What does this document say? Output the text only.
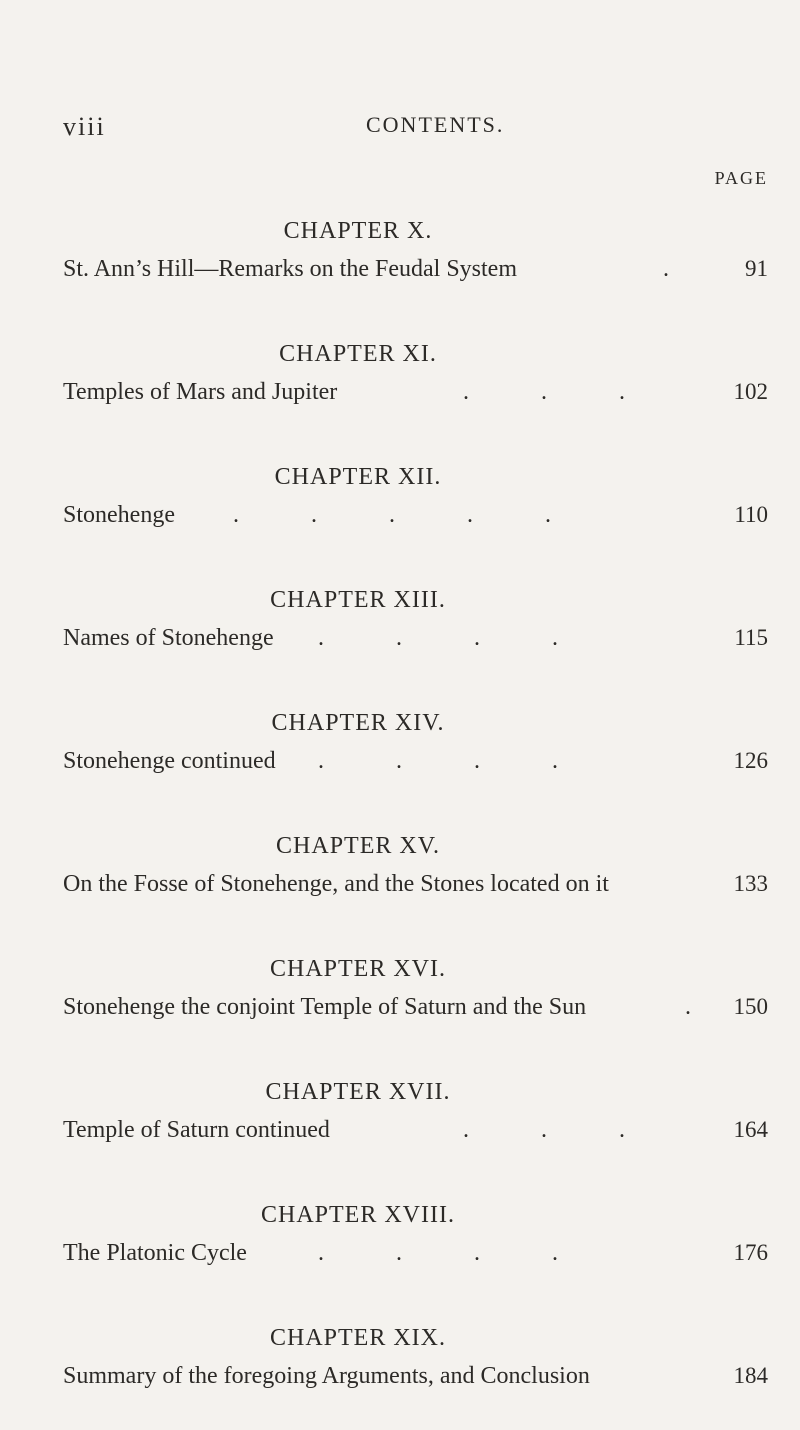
viii	CONTENTS.
PAGE
CHAPTER X.
St. Ann’s Hill—Remarks on the Feudal System	.	91
CHAPTER XI.
Temples of Mars and Jupiter	.            .            .	102
CHAPTER XII.
Stonehenge .            .            .            .            .	110
CHAPTER XIII.
Names of Stonehenge .            .            .            .	115
CHAPTER XIV.
Stonehenge continued .            .            .            .	126
CHAPTER XV.
On the Fosse of Stonehenge, and the Stones located on it	133
CHAPTER XVI.
Stonehenge the conjoint Temple of Saturn and the Sun	. 150
CHAPTER XVII.
Temple of Saturn continued	.            .            .	164
CHAPTER XVIII.
The Platonic Cycle	.            .            .            .	176
CHAPTER XIX.
Summary of the foregoing Arguments, and Conclusion	184
